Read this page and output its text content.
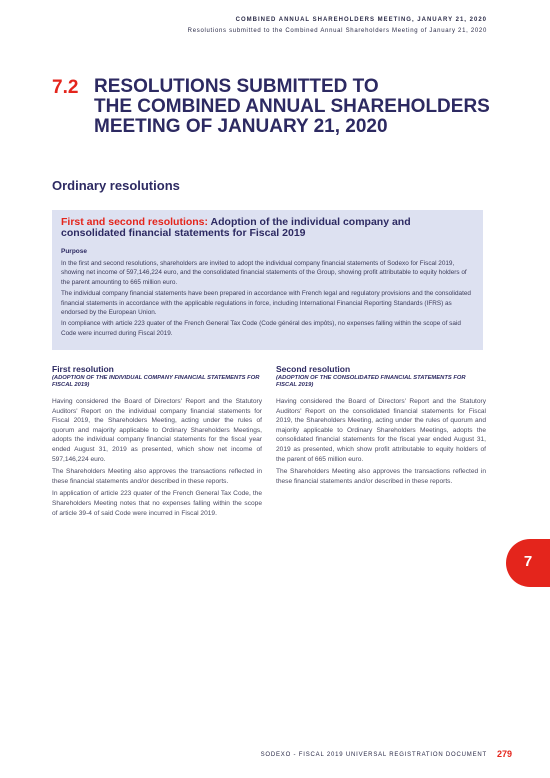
COMBINED ANNUAL SHAREHOLDERS MEETING, JANUARY 21, 2020
Resolutions submitted to the Combined Annual Shareholders Meeting of January 21, 2020
7.2 RESOLUTIONS SUBMITTED TO
THE COMBINED ANNUAL SHAREHOLDERS
MEETING OF JANUARY 21, 2020
Ordinary resolutions
First and second resolutions: Adoption of the individual company and consolidated financial statements for Fiscal 2019
Purpose

In the first and second resolutions, shareholders are invited to adopt the individual company financial statements of Sodexo for Fiscal 2019, showing net income of 597,146,224 euro, and the consolidated financial statements of the Group, showing profit attributable to equity holders of the parent amounting to 665 million euro.

The individual company financial statements have been prepared in accordance with French legal and regulatory provisions and the consolidated financial statements in accordance with the applicable regulations in force, including International Financial Reporting Standards (IFRS) as endorsed by the European Union.

In compliance with article 223 quater of the French General Tax Code (Code général des impôts), no expenses falling within the scope of said Code were incurred during Fiscal 2019.

First resolution
(ADOPTION OF THE INDIVIDUAL COMPANY FINANCIAL STATEMENTS FOR FISCAL 2019)

Having considered the Board of Directors' Report and the Statutory Auditors' Report on the individual company financial statements for Fiscal 2019, the Shareholders Meeting, acting under the rules of quorum and majority applicable to Ordinary Shareholders Meetings, adopts the individual company financial statements for the fiscal year ended August 31, 2019 as presented, which show net income of 597,146,224 euro.

The Shareholders Meeting also approves the transactions reflected in these financial statements and/or described in these reports.

In application of article 223 quater of the French General Tax Code, the Shareholders Meeting notes that no expenses falling within the scope of article 39-4 of said Code were incurred in Fiscal 2019.

Second resolution
(ADOPTION OF THE CONSOLIDATED FINANCIAL STATEMENTS FOR FISCAL 2019)

Having considered the Board of Directors' Report and the Statutory Auditors' Report on the consolidated financial statements for Fiscal 2019, the Shareholders Meeting, acting under the rules of quorum and majority applicable to Ordinary Shareholders Meetings, adopts the consolidated financial statements for the fiscal year ended August 31, 2019 as presented, which show profit attributable to equity holders of the parent of 665 million euro.

The Shareholders Meeting also approves the transactions reflected in these financial statements and/or described in these reports.

7
SODEXO - FISCAL 2019 UNIVERSAL REGISTRATION DOCUMENT 279
